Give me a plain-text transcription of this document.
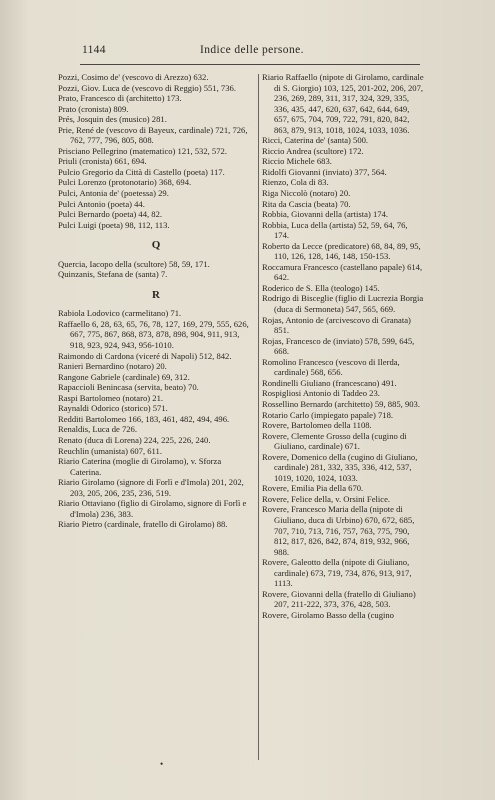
1144	Indice delle persone.
Pozzi, Cosimo de' (vescovo di Arezzo) 632.
Pozzi, Giov. Luca de (vescovo di Reggio) 551, 736.
Prato, Francesco di (architetto) 173.
Prato (cronista) 809.
Prés, Josquin des (musico) 281.
Prie, René de (vescovo di Bayeux, cardinale) 721, 726, 762, 777, 796, 805, 808.
Prisciano Pellegrino (matematico) 121, 532, 572.
Priuli (cronista) 661, 694.
Pulcio Gregorio da Città di Castello (poeta) 117.
Pulci Lorenzo (protonotario) 368, 694.
Pulci, Antonia de' (poetessa) 29.
Pulci Antonio (poeta) 44.
Pulci Bernardo (poeta) 44, 82.
Pulci Luigi (poeta) 98, 112, 113.
Q
Quercia, Iacopo della (scultore) 58, 59, 171.
Quinzanis, Stefana de (santa) 7.
R
Rabiola Lodovico (carmelitano) 71.
Raffaello 6, 28, 63, 65, 76, 78, 127, 169, 279, 555, 626, 667, 775, 867, 868, 873, 878, 898, 904, 911, 913, 918, 923, 924, 943, 956-1010.
Raimondo di Cardona (viceré di Napoli) 512, 842.
Ranieri Bernardino (notaro) 20.
Rangone Gabriele (cardinale) 69, 312.
Rapaccioli Benincasa (servita, beato) 70.
Raspi Bartolomeo (notaro) 21.
Raynaldi Odorico (storico) 571.
Redditi Bartolomeo 166, 183, 461, 482, 494, 496.
Renaldis, Luca de 726.
Renato (duca di Lorena) 224, 225, 226, 240.
Reuchlin (umanista) 607, 611.
Riario Caterina (moglie di Girolamo), v. Sforza Caterina.
Riario Girolamo (signore di Forlì e d'Imola) 201, 202, 203, 205, 206, 235, 236, 519.
Riario Ottaviano (figlio di Girolamo, signore di Forlì e d'Imola) 236, 383.
Riario Pietro (cardinale, fratello di Girolamo) 88.
Riario Raffaello (nipote di Girolamo, cardinale di S. Giorgio) 103, 125, 201-202, 206, 207, 236, 269, 289, 311, 317, 324, 329, 335, 336, 435, 447, 620, 637, 642, 644, 649, 657, 675, 704, 709, 722, 791, 820, 842, 863, 879, 913, 1018, 1024, 1033, 1036.
Ricci, Caterina de' (santa) 500.
Riccio Andrea (scultore) 172.
Riccio Michele 683.
Ridolfi Giovanni (inviato) 377, 564.
Rienzo, Cola di 83.
Riga Niccolò (notaro) 20.
Rita da Cascia (beata) 70.
Robbia, Giovanni della (artista) 174.
Robbia, Luca della (artista) 52, 59, 64, 76, 174.
Roberto da Lecce (predicatore) 68, 84, 89, 95, 110, 126, 128, 146, 148, 150-153.
Roccamura Francesco (castellano papale) 614, 642.
Roderico de S. Ella (teologo) 145.
Rodrigo di Bisceglie (figlio di Lucrezia Borgia (duca di Sermoneta) 547, 565, 669.
Rojas, Antonio de (arcivescovo di Granata) 851.
Rojas, Francesco de (inviato) 578, 599, 645, 668.
Romolino Francesco (vescovo di Ilerda, cardinale) 568, 656.
Rondinelli Giuliano (francescano) 491.
Rospigliosi Antonio di Taddeo 23.
Rossellino Bernardo (architetto) 59, 885, 903.
Rotario Carlo (impiegato papale) 718.
Rovere, Bartolomeo della 1108.
Rovere, Clemente Grosso della (cugino di Giuliano, cardinale) 671.
Rovere, Domenico della (cugino di Giuliano, cardinale) 281, 332, 335, 336, 412, 537, 1019, 1020, 1024, 1033.
Rovere, Emilia Pia della 670.
Rovere, Felice della, v. Orsini Felice.
Rovere, Francesco Maria della (nipote di Giuliano, duca di Urbino) 670, 672, 685, 707, 710, 713, 716, 757, 763, 775, 790, 812, 817, 826, 842, 874, 819, 932, 966, 988.
Rovere, Galeotto della (nipote di Giuliano, cardinale) 673, 719, 734, 876, 913, 917, 1113.
Rovere, Giovanni della (fratello di Giuliano) 207, 211-222, 373, 376, 428, 503.
Rovere, Girolamo Basso della (cugino
•
